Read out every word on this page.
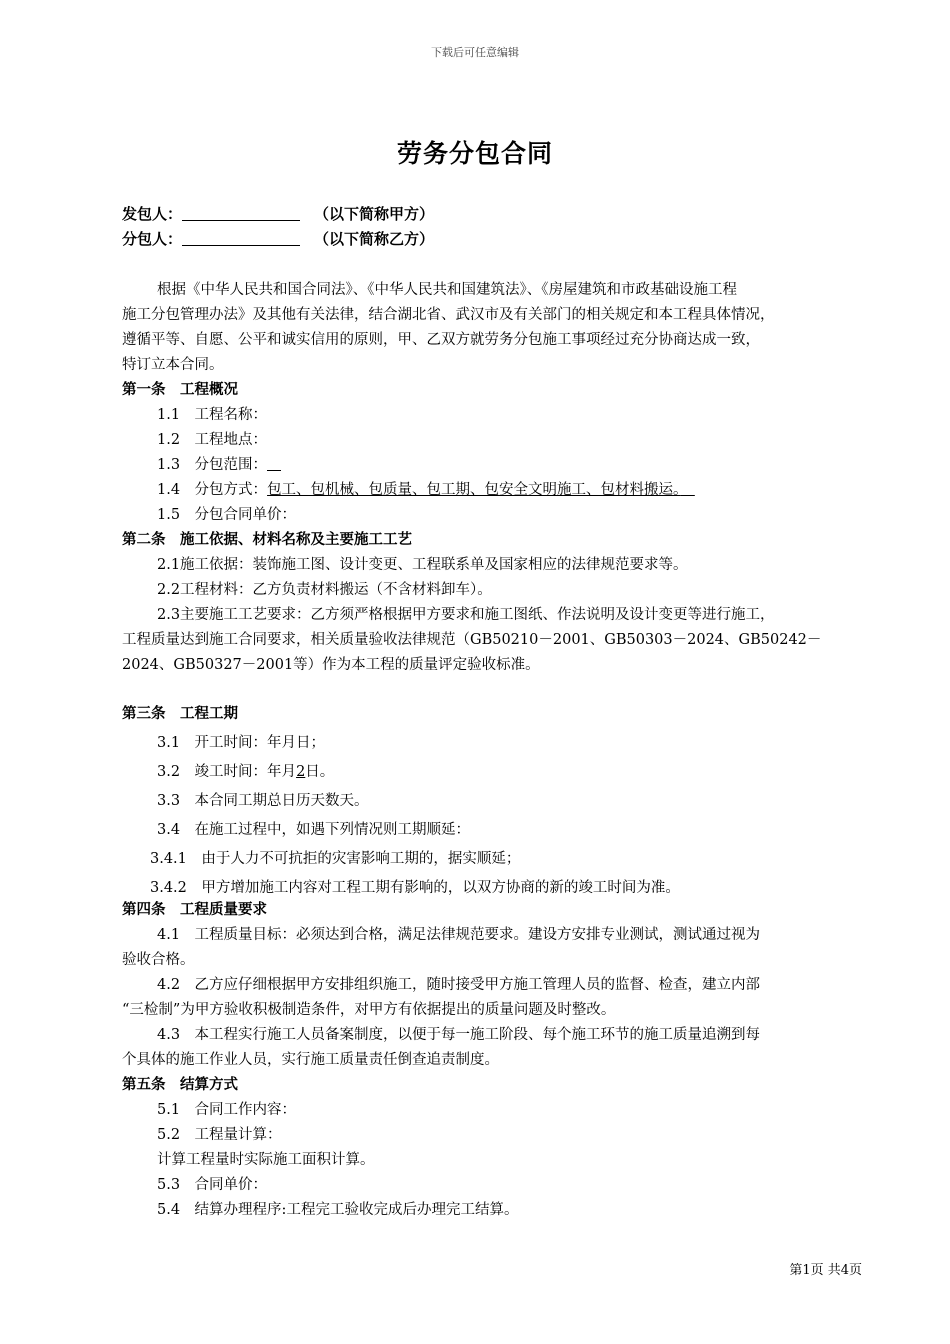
下载后可任意编辑
劳务分包合同
发包人：	（以下简称甲方）
分包人：	（以下简称乙方）
根据《中华人民共和国合同法》、《中华人民共和国建筑法》、《房屋建筑和市政基础设施工程
施工分包管理办法》及其他有关法律，结合湖北省、武汉市及有关部门的相关规定和本工程具体情况，
遵循平等、自愿、公平和诚实信用的原则，甲、乙双方就劳务分包施工事项经过充分协商达成一致，
特订立本合同。
第一条　工程概况
1.1　工程名称：
1.2　工程地点：
1.3　分包范围：
1.4　分包方式：包工、包机械、包质量、包工期、包安全文明施工、包材料搬运。　
1.5　分包合同单价：
第二条　施工依据、材料名称及主要施工工艺
2.1施工依据：装饰施工图、设计变更、工程联系单及国家相应的法律规范要求等。
2.2工程材料：乙方负责材料搬运（不含材料卸车）。
2.3主要施工工艺要求：乙方须严格根据甲方要求和施工图纸、作法说明及设计变更等进行施工，
工程质量达到施工合同要求，相关质量验收法律规范（GB50210－2001、GB50303－2024、GB50242－
2024、GB50327－2001等）作为本工程的质量评定验收标准。
第三条　工程工期
3.1　开工时间：年月日；
3.2　竣工时间：年月2日。
3.3　本合同工期总日历天数天。
3.4　在施工过程中，如遇下列情况则工期顺延：
3.4.1　由于人力不可抗拒的灾害影响工期的，据实顺延；
3.4.2　甲方增加施工内容对工程工期有影响的，以双方协商的新的竣工时间为准。
第四条　工程质量要求
4.1　工程质量目标：必须达到合格，满足法律规范要求。建设方安排专业测试，测试通过视为
验收合格。
4.2　乙方应仔细根据甲方安排组织施工，随时接受甲方施工管理人员的监督、检查，建立内部
“三检制”为甲方验收积极制造条件，对甲方有依据提出的质量问题及时整改。
4.3　本工程实行施工人员备案制度，以便于每一施工阶段、每个施工环节的施工质量追溯到每
个具体的施工作业人员，实行施工质量责任倒查追责制度。
第五条　结算方式
5.1　合同工作内容：
5.2　工程量计算：
计算工程量时实际施工面积计算。
5.3　合同单价：
5.4　结算办理程序:工程完工验收完成后办理完工结算。
第1页 共4页
